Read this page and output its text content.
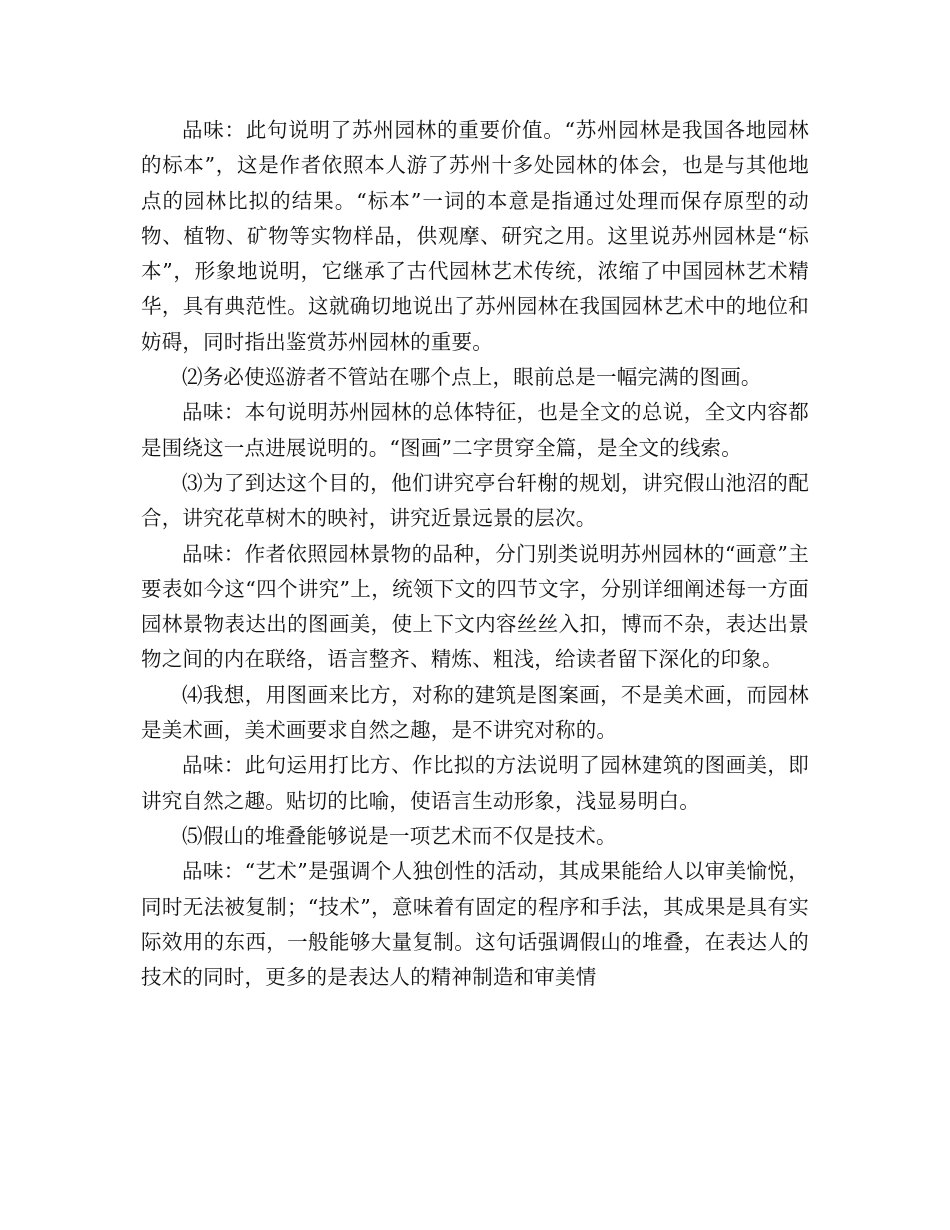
品味：此句说明了苏州园林的重要价值。“苏州园林是我国各地园林的标本”，这是作者依照本人游了苏州十多处园林的体会，也是与其他地点的园林比拟的结果。“标本”一词的本意是指通过处理而保存原型的动物、植物、矿物等实物样品，供观摩、研究之用。这里说苏州园林是“标本”，形象地说明，它继承了古代园林艺术传统，浓缩了中国园林艺术精华，具有典范性。这就确切地说出了苏州园林在我国园林艺术中的地位和妨碍，同时指出鉴赏苏州园林的重要。

⑵务必使巡游者不管站在哪个点上，眼前总是一幅完满的图画。

品味：本句说明苏州园林的总体特征，也是全文的总说，全文内容都是围绕这一点进展说明的。“图画”二字贯穿全篇，是全文的线索。

⑶为了到达这个目的，他们讲究亭台轩榭的规划，讲究假山池沼的配合，讲究花草树木的映衬，讲究近景远景的层次。

品味：作者依照园林景物的品种，分门别类说明苏州园林的“画意”主要表如今这“四个讲究”上，统领下文的四节文字，分别详细阐述每一方面园林景物表达出的图画美，使上下文内容丝丝入扣，博而不杂，表达出景物之间的内在联络，语言整齐、精炼、粗浅，给读者留下深化的印象。

⑷我想，用图画来比方，对称的建筑是图案画，不是美术画，而园林是美术画，美术画要求自然之趣，是不讲究对称的。

品味：此句运用打比方、作比拟的方法说明了园林建筑的图画美，即讲究自然之趣。贴切的比喻，使语言生动形象，浅显易明白。

⑸假山的堆叠能够说是一项艺术而不仅是技术。

品味：“艺术”是强调个人独创性的活动，其成果能给人以审美愉悦，同时无法被复制；“技术”，意味着有固定的程序和手法，其成果是具有实际效用的东西，一般能够大量复制。这句话强调假山的堆叠，在表达人的技术的同时，更多的是表达人的精神制造和审美情
